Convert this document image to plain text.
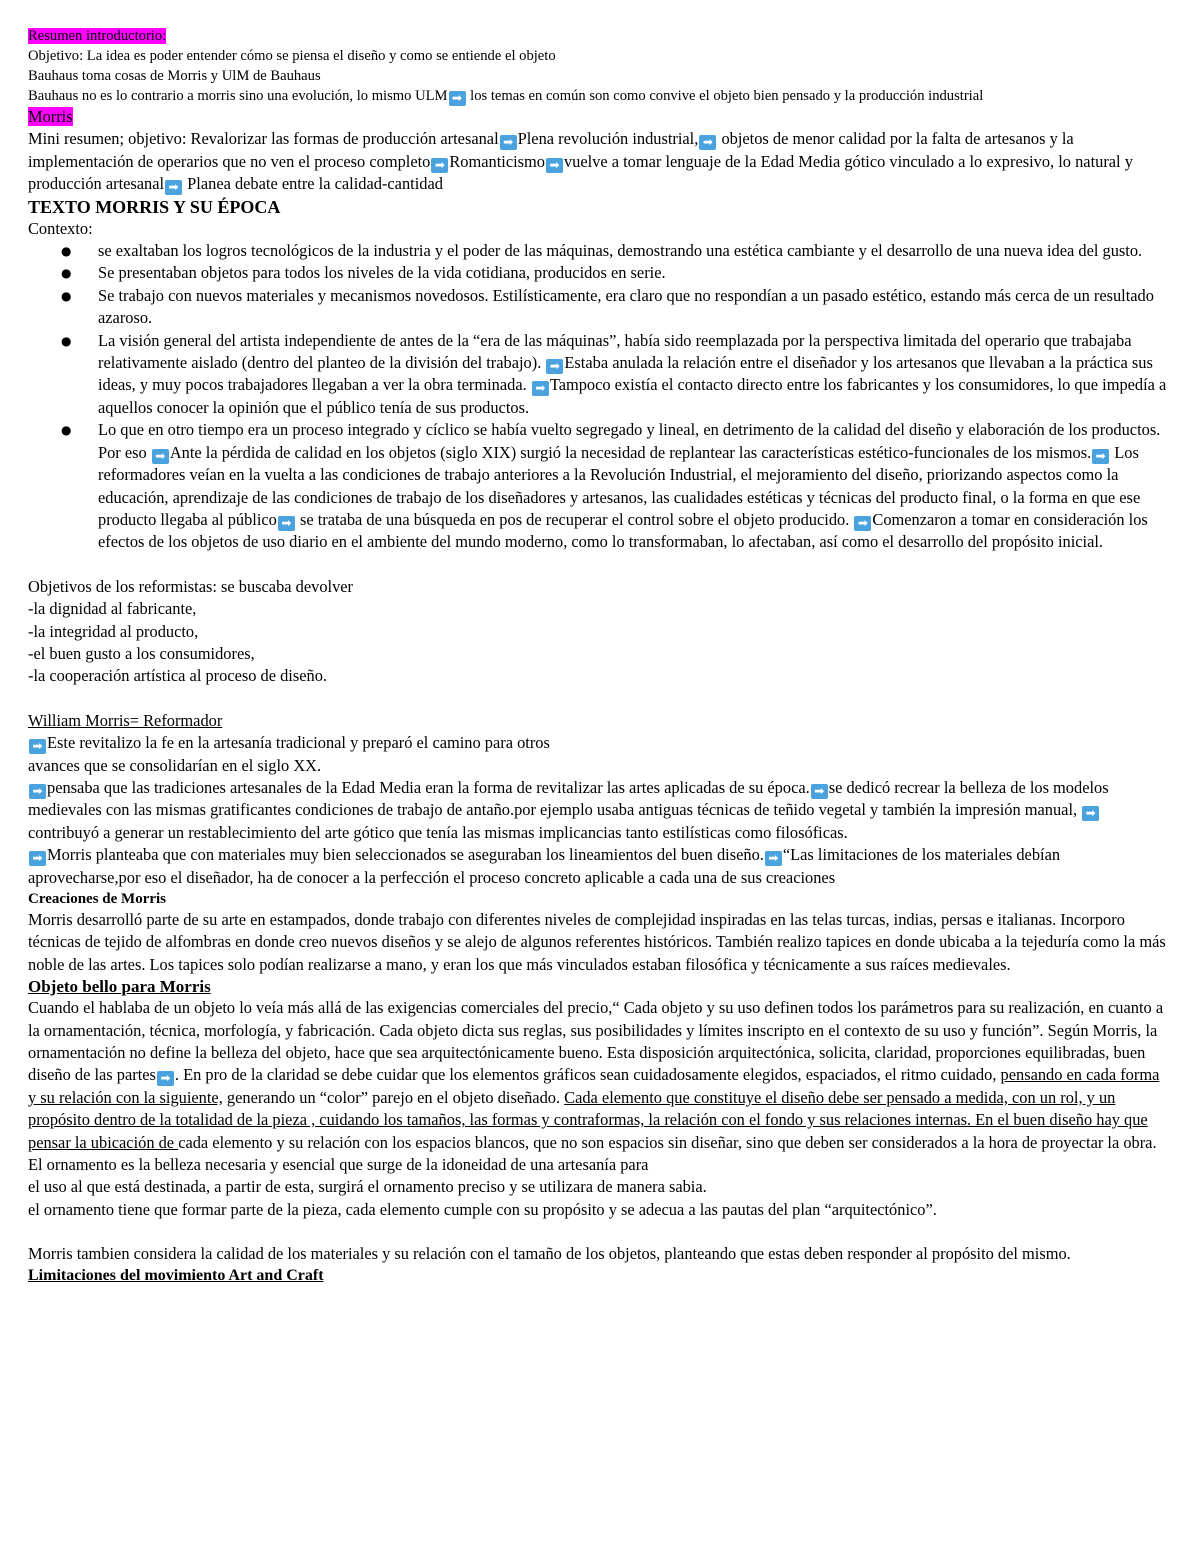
Resumen introductorio:

Objetivo: La idea es poder entender cómo se piensa el diseño y como se entiende el objeto

Bauhaus toma cosas de Morris y UlM de Bauhaus

Bauhaus no es lo contrario a morris sino una evolución, lo mismo ULM ➡ los temas en común son como convive el objeto bien pensado y la producción industrial

Morris

Mini resumen; objetivo: Revalorizar las formas de producción artesanal ➡ Plena revolución industrial, ➡ objetos de menor calidad por la falta de artesanos y la implementación de operarios que no ven el proceso completo ➡ Romanticismo ➡ vuelve a tomar lenguaje de la Edad Media gótico vinculado a lo expresivo, lo natural y producción artesanal ➡ Planea debate entre la calidad-cantidad

TEXTO MORRIS Y SU ÉPOCA

Contexto:

● se exaltaban los logros tecnológicos de la industria y el poder de las máquinas, demostrando una estética cambiante y el desarrollo de una nueva idea del gusto.
● Se presentaban objetos para todos los niveles de la vida cotidiana, producidos en serie.
● Se trabajo con nuevos materiales y mecanismos novedosos. Estilísticamente, era claro que no respondían a un pasado estético, estando más cerca de un resultado azaroso.
● La visión general del artista independiente de antes de la “era de las máquinas”, había sido reemplazada por la perspectiva limitada del operario que trabajaba relativamente aislado (dentro del planteo de la división del trabajo). ➡ Estaba anulada la relación entre el diseñador y los artesanos que llevaban a la práctica sus ideas, y muy pocos trabajadores llegaban a ver la obra terminada. ➡ Tampoco existía el contacto directo entre los fabricantes y los consumidores, lo que impedía a aquellos conocer la opinión que el público tenía de sus productos.
● Lo que en otro tiempo era un proceso integrado y cíclico se había vuelto segregado y lineal, en detrimento de la calidad del diseño y elaboración de los productos. Por eso ➡ Ante la pérdida de calidad en los objetos (siglo XIX) surgió la necesidad de replantear las características estético-funcionales de los mismos. ➡ Los reformadores veían en la vuelta a las condiciones de trabajo anteriores a la Revolución Industrial, el mejoramiento del diseño, priorizando aspectos como la educación, aprendizaje de las condiciones de trabajo de los diseñadores y artesanos, las cualidades estéticas y técnicas del producto final, o la forma en que ese producto llegaba al público ➡ se trataba de una búsqueda en pos de recuperar el control sobre el objeto producido. ➡ Comenzaron a tomar en consideración los efectos de los objetos de uso diario en el ambiente del mundo moderno, como lo transformaban, lo afectaban, así como el desarrollo del propósito inicial.

Objetivos de los reformistas: se buscaba devolver

-la dignidad al fabricante,

-la integridad al producto,

-el buen gusto a los consumidores,

-la cooperación artística al proceso de diseño.

William Morris= Reformador

➡ Este revitalizo la fe en la artesanía tradicional y preparó el camino para otros

avances que se consolidarían en el siglo XX.

➡ pensaba que las tradiciones artesanales de la Edad Media eran la forma de revitalizar las artes aplicadas de su época. ➡ se dedicó recrear la belleza de los modelos medievales con las mismas gratificantes condiciones de trabajo de antaño.por ejemplo usaba antiguas técnicas de teñido vegetal y también la impresión manual, ➡contribuyó a generar un restablecimiento del arte gótico que tenía las mismas implicancias tanto estilísticas como filosóficas.

➡ Morris planteaba que con materiales muy bien seleccionados se aseguraban los lineamientos del buen diseño. ➡ “Las limitaciones de los materiales debían aprovecharse,por eso el diseñador, ha de conocer a la perfección el proceso concreto aplicable a cada una de sus creaciones

Creaciones de Morris

Morris desarrolló parte de su arte en estampados, donde trabajo con diferentes niveles de complejidad inspiradas en las telas turcas, indias, persas e italianas. Incorporo técnicas de tejido de alfombras en donde creo nuevos diseños y se alejo de algunos referentes históricos. También realizo tapices en donde ubicaba a la tejeduría como la más noble de las artes. Los tapices solo podían realizarse a mano, y eran los que más vinculados estaban filosófica y técnicamente a sus raíces medievales.

Objeto bello para Morris

Cuando el hablaba de un objeto lo veía más allá de las exigencias comerciales del precio,“ Cada objeto y su uso definen todos los parámetros para su realización, en cuanto a la ornamentación, técnica, morfología, y fabricación. Cada objeto dicta sus reglas, sus posibilidades y límites inscripto en el contexto de su uso y función”. Según Morris, la ornamentación no define la belleza del objeto, hace que sea arquitectónicamente bueno. Esta disposición arquitectónica, solicita, claridad, proporciones equilibradas, buen diseño de las partes ➡ . En pro de la claridad se debe cuidar que los elementos gráficos sean cuidadosamente elegidos, espaciados, el ritmo cuidado, pensando en cada forma y su relación con la siguiente, generando un “color” parejo en el objeto diseñado. Cada elemento que constituye el diseño debe ser pensado a medida, con un rol, y un propósito dentro de la totalidad de la pieza , cuidando los tamaños, las formas y contraformas, la relación con el fondo y sus relaciones internas. En el buen diseño hay que pensar la ubicación de cada elemento y su relación con los espacios blancos, que no son espacios sin diseñar, sino que deben ser considerados a la hora de proyectar la obra.

El ornamento es la belleza necesaria y esencial que surge de la idoneidad de una artesanía para

el uso al que está destinada, a partir de esta, surgirá el ornamento preciso y se utilizara de manera sabia.

el ornamento tiene que formar parte de la pieza, cada elemento cumple con su propósito y se adecua a las pautas del plan “arquitectónico”.

Morris tambien considera la calidad de los materiales y su relación con el tamaño de los objetos, planteando que estas deben responder al propósito del mismo.

Limitaciones del movimiento Art and Craft
